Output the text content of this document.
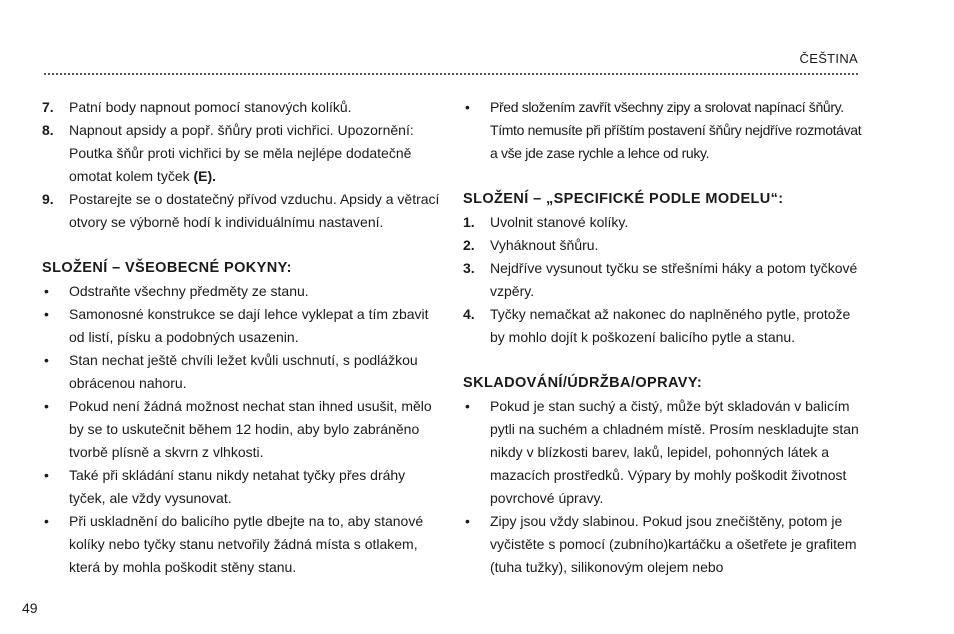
ČEŠTINA
7. Patní body napnout pomocí stanových kolíků.
8. Napnout apsidy a popř. šňůry proti vichřici. Upozornění: Poutka šňůr proti vichřici by se měla nejlépe dodatečně omotat kolem tyček (E).
9. Postarejte se o dostatečný přívod vzduchu. Apsidy a větrací otvory se výborně hodí k individuálnímu nastavení.
SLOŽENÍ – VŠEOBECNÉ POKYNY:
• Odstraňte všechny předměty ze stanu.
• Samonosné konstrukce se dají lehce vyklepat a tím zbavit od listí, písku a podobných usazenin.
• Stan nechat ještě chvíli ležet kvůli uschnutí, s podlážkou obrácenou nahoru.
• Pokud není žádná možnost nechat stan ihned usušit, mělo by se to uskutečnit během 12 hodin, aby bylo zabráněno tvorbě plísně a skvrn z vlhkosti.
• Také při skládání stanu nikdy netahat tyčky přes dráhy tyček, ale vždy vysunovat.
• Při uskladnění do balicího pytle dbejte na to, aby stanové kolíky nebo tyčky stanu netvořily žádná místa s otlakem, která by mohla poškodit stěny stanu.
• Před složením zavřít všechny zipy a srolovat napínací šňůry. Tímto nemusíte při příštím postavení šňůry nejdříve rozmotávat a vše jde zase rychle a lehce od ruky.
SLOŽENÍ – „SPECIFICKÉ PODLE MODELU“:
1. Uvolnit stanové kolíky.
2. Vyháknout šňůru.
3. Nejdříve vysunout tyčku se střešními háky a potom tyčkové vzpěry.
4. Tyčky nemačkat až nakonec do naplněného pytle, protože by mohlo dojít k poškození balicího pytle a stanu.
SKLADOVÁNÍ/ÚDRŽBA/OPRAVY:
• Pokud je stan suchý a čistý, může být skladován v balicím pytli na suchém a chladném místě. Prosím neskladujte stan nikdy v blízkosti barev, laků, lepidel, pohonných látek a mazacích prostředků. Výpary by mohly poškodit životnost povrchové úpravy.
• Zipy jsou vždy slabinou. Pokud jsou znečištěny, potom je vyčistěte s pomocí (zubního)kartáčku a ošetřete je grafitem (tuha tužky), silikonovým olejem nebo
49
